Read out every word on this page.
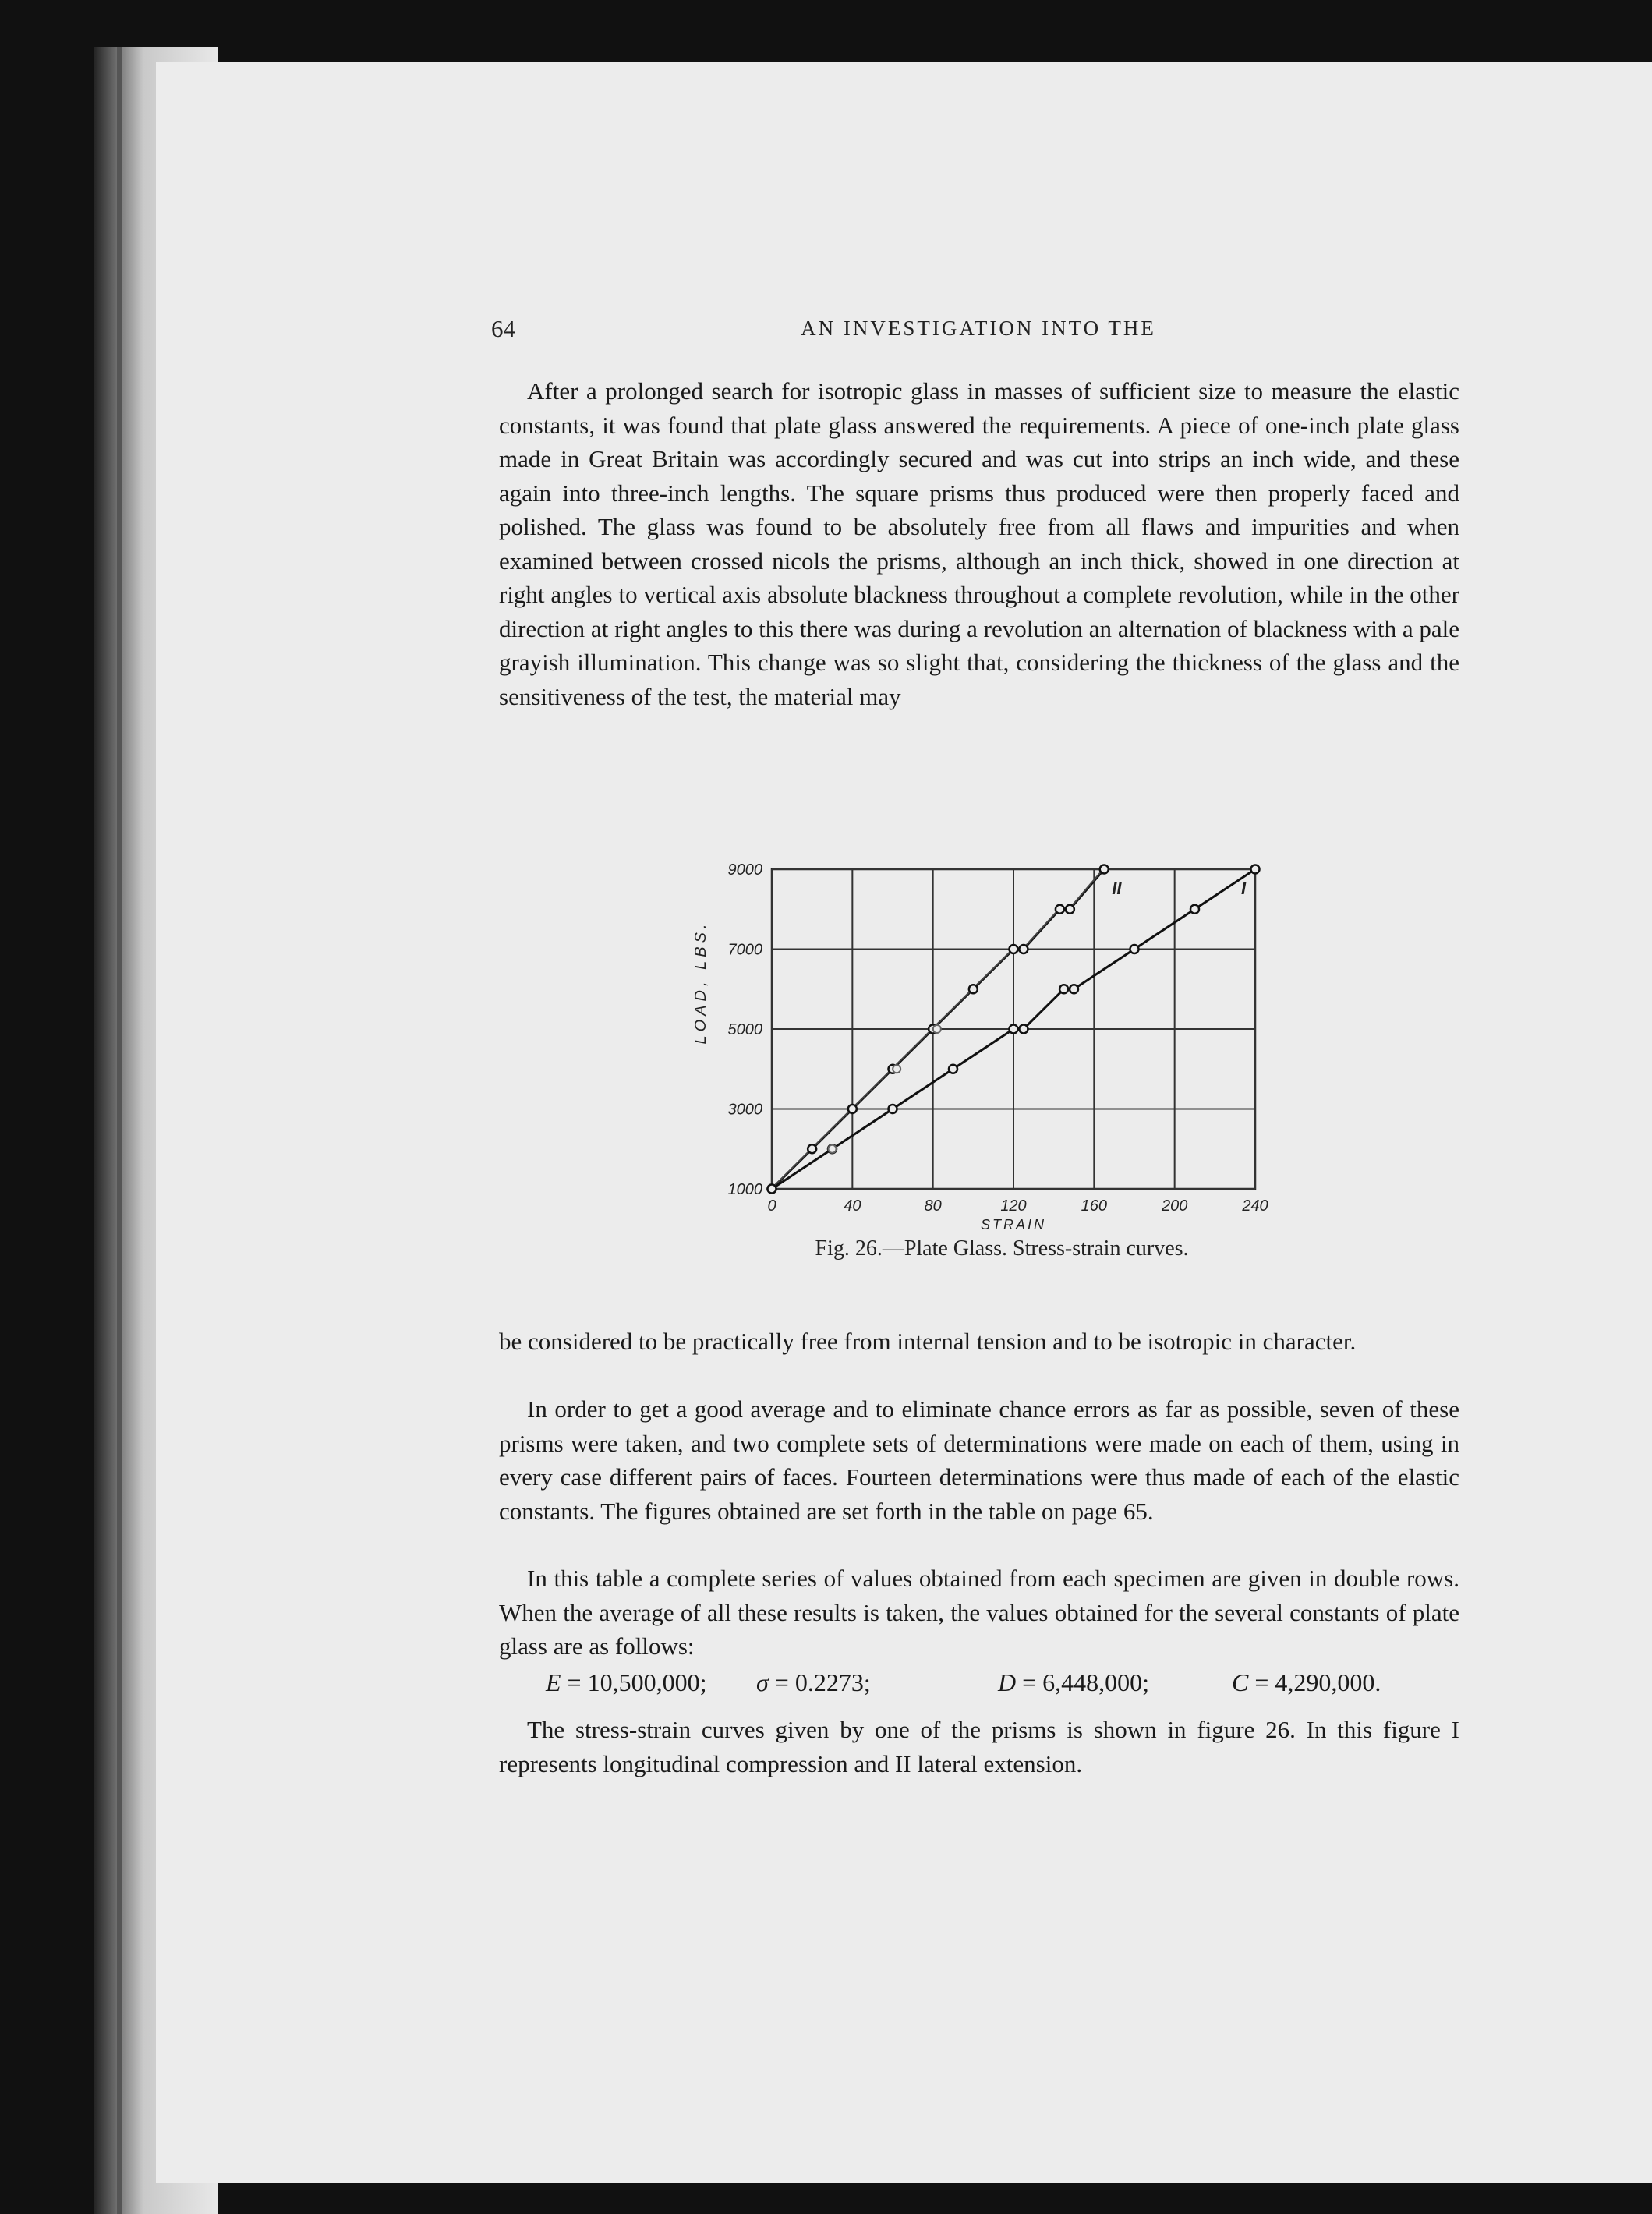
64	AN INVESTIGATION INTO THE

After a prolonged search for isotropic glass in masses of sufficient size to measure the elastic constants, it was found that plate glass answered the requirements. A piece of one-inch plate glass made in Great Britain was accordingly secured and was cut into strips an inch wide, and these again into three-inch lengths. The square prisms thus produced were then properly faced and polished. The glass was found to be absolutely free from all flaws and impurities and when examined between crossed nicols the prisms, although an inch thick, showed in one direction at right angles to vertical axis absolute blackness throughout a complete revolution, while in the other direction at right angles to this there was during a revolution an alternation of blackness with a pale grayish illumination. This change was so slight that, considering the thickness of the glass and the sensitiveness of the test, the material may

0	40	80	120	160	200	240
1000
3000
5000
7000
9000
STRAIN
LOAD, LBS.
I
II
Fig. 26.—Plate Glass. Stress-strain curves.

be considered to be practically free from internal tension and to be isotropic in character.

In order to get a good average and to eliminate chance errors as far as possible, seven of these prisms were taken, and two complete sets of determinations were made on each of them, using in every case different pairs of faces. Fourteen determinations were thus made of each of the elastic constants. The figures obtained are set forth in the table on page 65.

In this table a complete series of values obtained from each specimen are given in double rows. When the average of all these results is taken, the values obtained for the several constants of plate glass are as follows:

E = 10,500,000; σ = 0.2273;	D = 6,448,000;	C = 4,290,000.

The stress-strain curves given by one of the prisms is shown in figure 26. In this figure I represents longitudinal compression and II lateral extension.
